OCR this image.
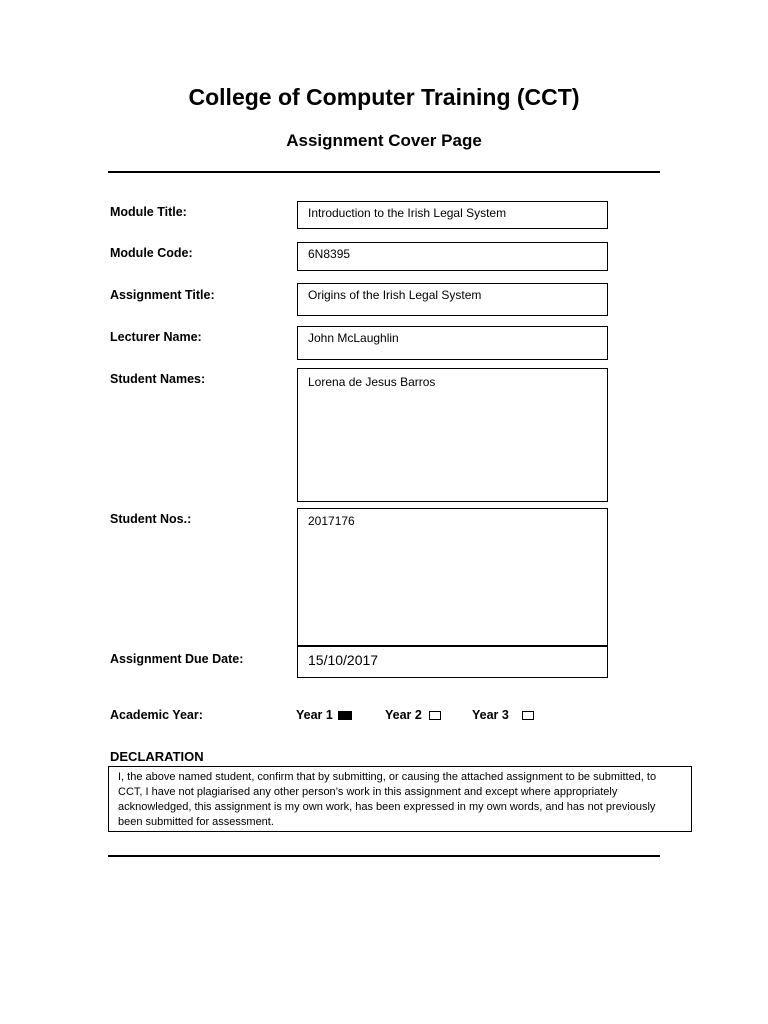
College of Computer Training (CCT)
Assignment Cover Page
Module Title:	Introduction to the Irish Legal System
Module Code:	6N8395
Assignment Title:	Origins of the Irish Legal System
Lecturer Name:	John McLaughlin
Student Names:	Lorena de Jesus Barros
Student Nos.:	2017176
Assignment Due Date:	15/10/2017
Academic Year:	Year 1	Year 2	Year 3
DECLARATION
I, the above named student, confirm that by submitting, or causing the attached assignment to be submitted, to CCT, I have not plagiarised any other person’s work in this assignment and except where appropriately acknowledged, this assignment is my own work, has been expressed in my own words, and has not previously been submitted for assessment.
